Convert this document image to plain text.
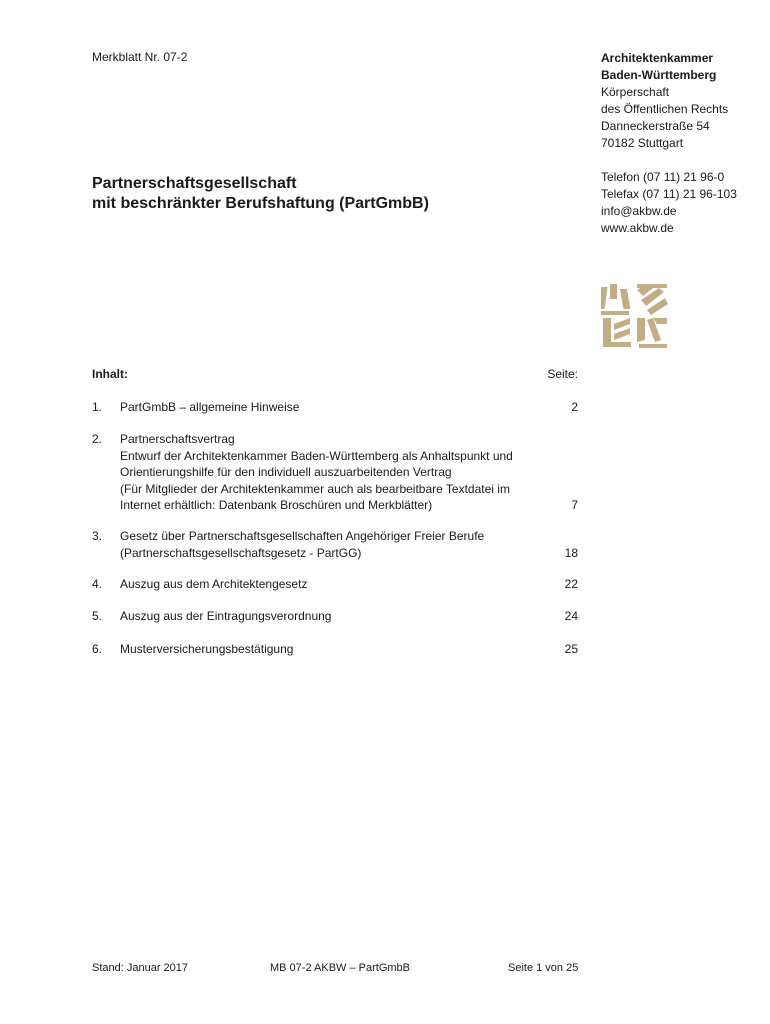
Merkblatt Nr. 07-2	Architektenkammer
Baden-Württemberg
Körperschaft
des Öffentlichen Rechts
Danneckerstraße 54
70182 Stuttgart
Telefon (07 11) 21 96-0
Telefax (07 11) 21 96-103
info@akbw.de
www.akbw.de
Partnerschaftsgesellschaft
mit beschränkter Berufshaftung (PartGmbB)
Inhalt:	Seite:
1. PartGmbB – allgemeine Hinweise	2
2. Partnerschaftsvertrag
Entwurf der Architektenkammer Baden-Württemberg als Anhaltspunkt und
Orientierungshilfe für den individuell auszuarbeitenden Vertrag
(Für Mitglieder der Architektenkammer auch als bearbeitbare Textdatei im
Internet erhältlich: Datenbank Broschüren und Merkblätter)	7
3. Gesetz über Partnerschaftsgesellschaften Angehöriger Freier Berufe
(Partnerschaftsgesellschaftsgesetz - PartGG)	18
4. Auszug aus dem Architektengesetz	22
5. Auszug aus der Eintragungsverordnung	24
6. Musterversicherungsbestätigung	25
Stand: Januar 2017	MB 07-2 AKBW – PartGmbB	Seite 1 von 25
